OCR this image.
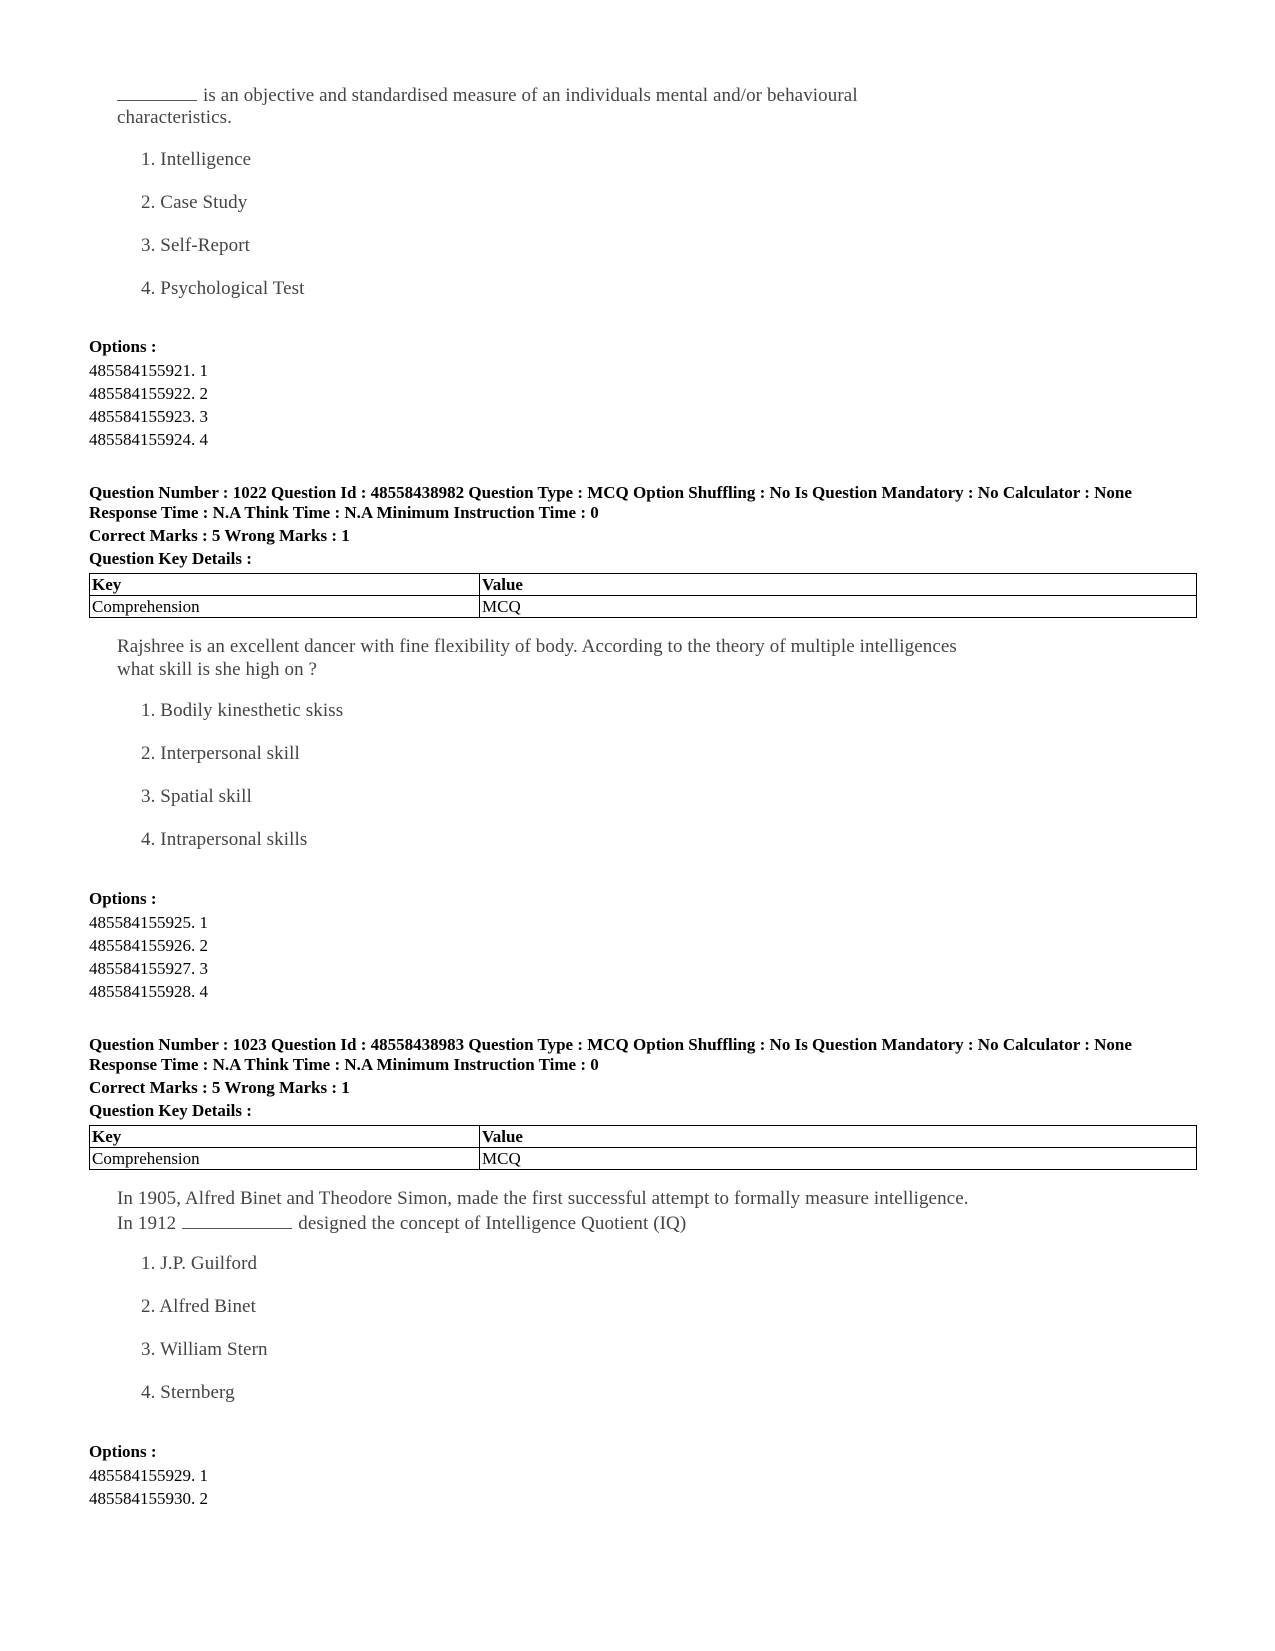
is an objective and standardised measure of an individuals mental and/or behavioural
characteristics.
1. Intelligence
2. Case Study
3. Self-Report
4. Psychological Test
Options :
485584155921. 1
485584155922. 2
485584155923. 3
485584155924. 4
Question Number : 1022 Question Id : 48558438982 Question Type : MCQ Option Shuffling : No Is Question Mandatory : No Calculator : None
Response Time : N.A Think Time : N.A Minimum Instruction Time : 0
Correct Marks : 5 Wrong Marks : 1
Question Key Details :
Key	Value
Comprehension	MCQ
Rajshree is an excellent dancer with fine flexibility of body. According to the theory of multiple intelligences
what skill is she high on ?
1. Bodily kinesthetic skiss
2. Interpersonal skill
3. Spatial skill
4. Intrapersonal skills
Options :
485584155925. 1
485584155926. 2
485584155927. 3
485584155928. 4
Question Number : 1023 Question Id : 48558438983 Question Type : MCQ Option Shuffling : No Is Question Mandatory : No Calculator : None
Response Time : N.A Think Time : N.A Minimum Instruction Time : 0
Correct Marks : 5 Wrong Marks : 1
Question Key Details :
Key	Value
Comprehension	MCQ
In 1905, Alfred Binet and Theodore Simon, made the first successful attempt to formally measure intelligence.
In 1912	designed the concept of Intelligence Quotient (IQ)
1. J.P. Guilford
2. Alfred Binet
3. William Stern
4. Sternberg
Options :
485584155929. 1
485584155930. 2
